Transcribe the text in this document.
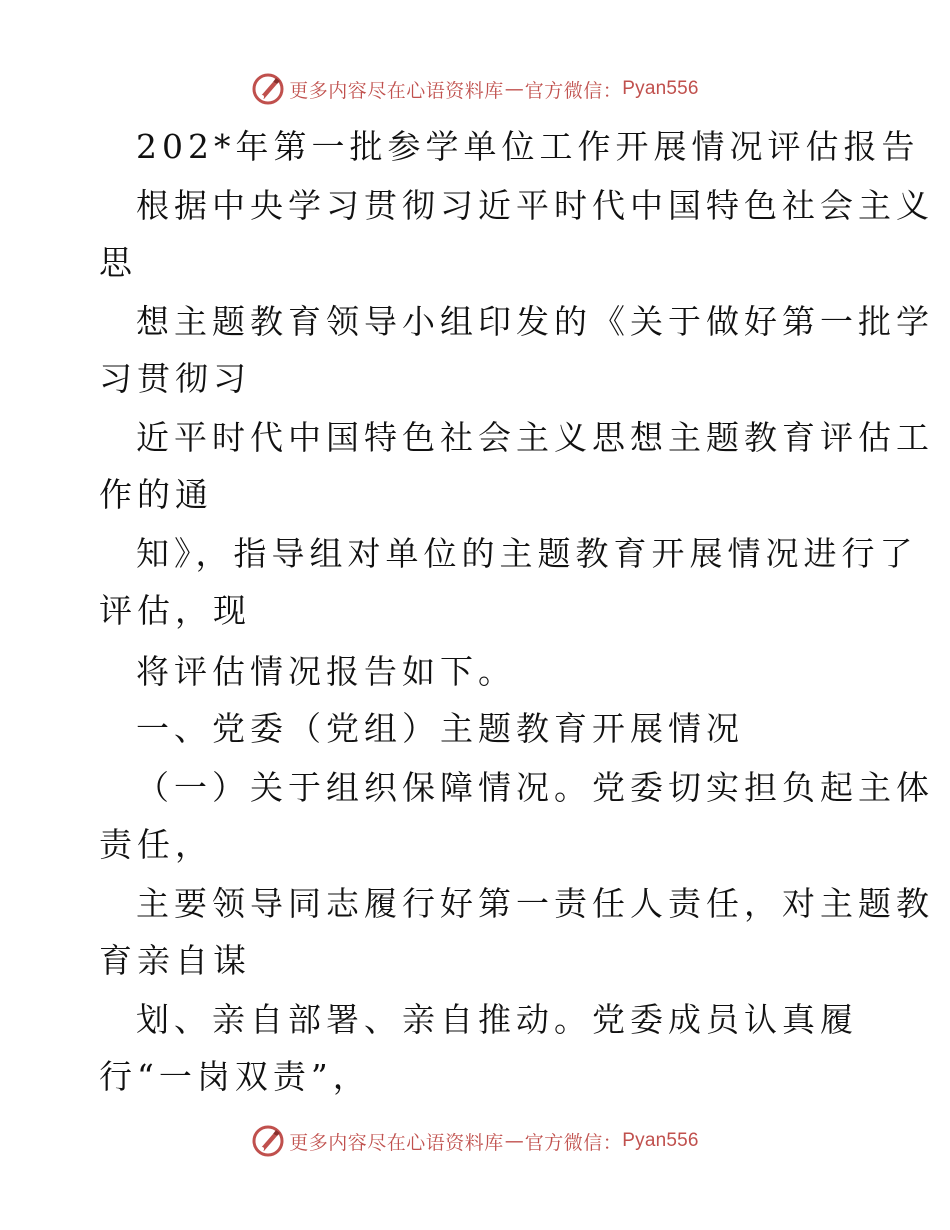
更多内容尽在心语资料库 — 官方微信： Pyan556
202*年第一批参学单位工作开展情况评估报告
根据中央学习贯彻习近平时代中国特色社会主义
思
想主题教育领导小组印发的《关于做好第一批学
习贯彻习
近平时代中国特色社会主义思想主题教育评估工
作的通
知》，指导组对单位的主题教育开展情况进行了
评估，现
将评估情况报告如下。
一、党委（党组）主题教育开展情况
（一）关于组织保障情况。党委切实担负起主体
责任，
主要领导同志履行好第一责任人责任，对主题教
育亲自谋
划、亲自部署、亲自推动。党委成员认真履
行“一岗双责”，
更多内容尽在心语资料库 — 官方微信： Pyan556
